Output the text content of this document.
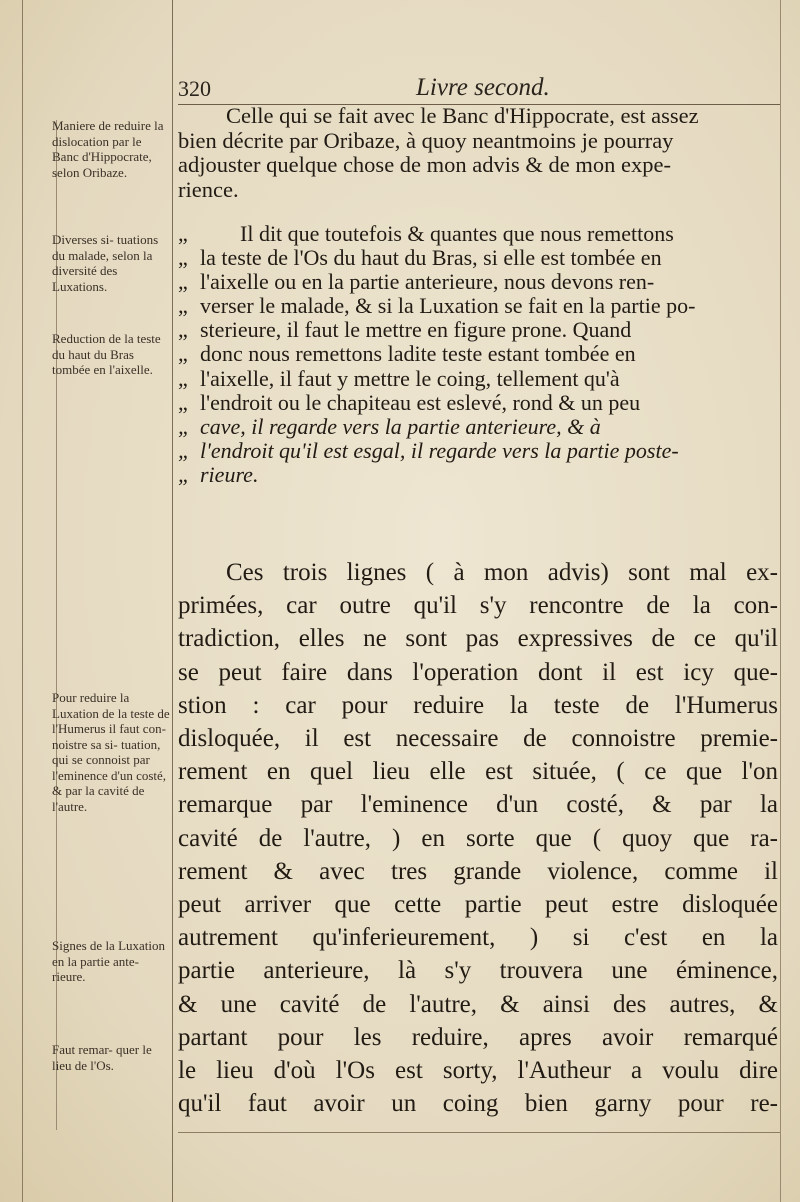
320	Livre second.
Maniere de reduire la dislocation par le Banc d'Hippocrate, selon Oribaze.
Diverses si- tuations du malade, selon la diversité des Luxations.
Reduction de la teste du haut du Bras tombée en l'aixelle.
Pour reduire la Luxation de la teste de l'Humerus il faut con- noistre sa si- tuation, qui se connoist par l'eminence d'un costé, & par la cavité de l'autre.
Signes de la Luxation en la partie ante- rieure.
Faut remar- quer le lieu de l'Os.
Celle qui se fait avec le Banc d'Hippocrate, est assez
bien décrite par Oribaze, à quoy neantmoins je pourray
adjouster quelque chose de mon advis & de mon expe-
rience.
„ Il dit que toutefois & quantes que nous remettons
„ la teste de l'Os du haut du Bras, si elle est tombée en
„ l'aixelle ou en la partie anterieure, nous devons ren-
„ verser le malade, & si la Luxation se fait en la partie po-
„ sterieure, il faut le mettre en figure prone. Quand
„ donc nous remettons ladite teste estant tombée en
„ l'aixelle, il faut y mettre le coing, tellement qu'à
„ l'endroit ou le chapiteau est eslevé, rond & un peu
„ cave, il regarde vers la partie anterieure, & à
„ l'endroit qu'il est esgal, il regarde vers la partie poste-
„ rieure.
Ces trois lignes ( à mon advis) sont mal ex-
primées, car outre qu'il s'y rencontre de la con-
tradiction, elles ne sont pas expressives de ce qu'il
se peut faire dans l'operation dont il est icy que-
stion : car pour reduire la teste de l'Humerus
disloquée, il est necessaire de connoistre premie-
rement en quel lieu elle est située, ( ce que l'on
remarque par l'eminence d'un costé, & par la
cavité de l'autre, ) en sorte que ( quoy que ra-
rement & avec tres grande violence, comme il
peut arriver que cette partie peut estre disloquée
autrement qu'inferieurement, ) si c'est en la
partie anterieure, là s'y trouvera une éminence,
& une cavité de l'autre, & ainsi des autres, &
partant pour les reduire, apres avoir remarqué
le lieu d'où l'Os est sorty, l'Autheur a voulu dire
qu'il faut avoir un coing bien garny pour re-
